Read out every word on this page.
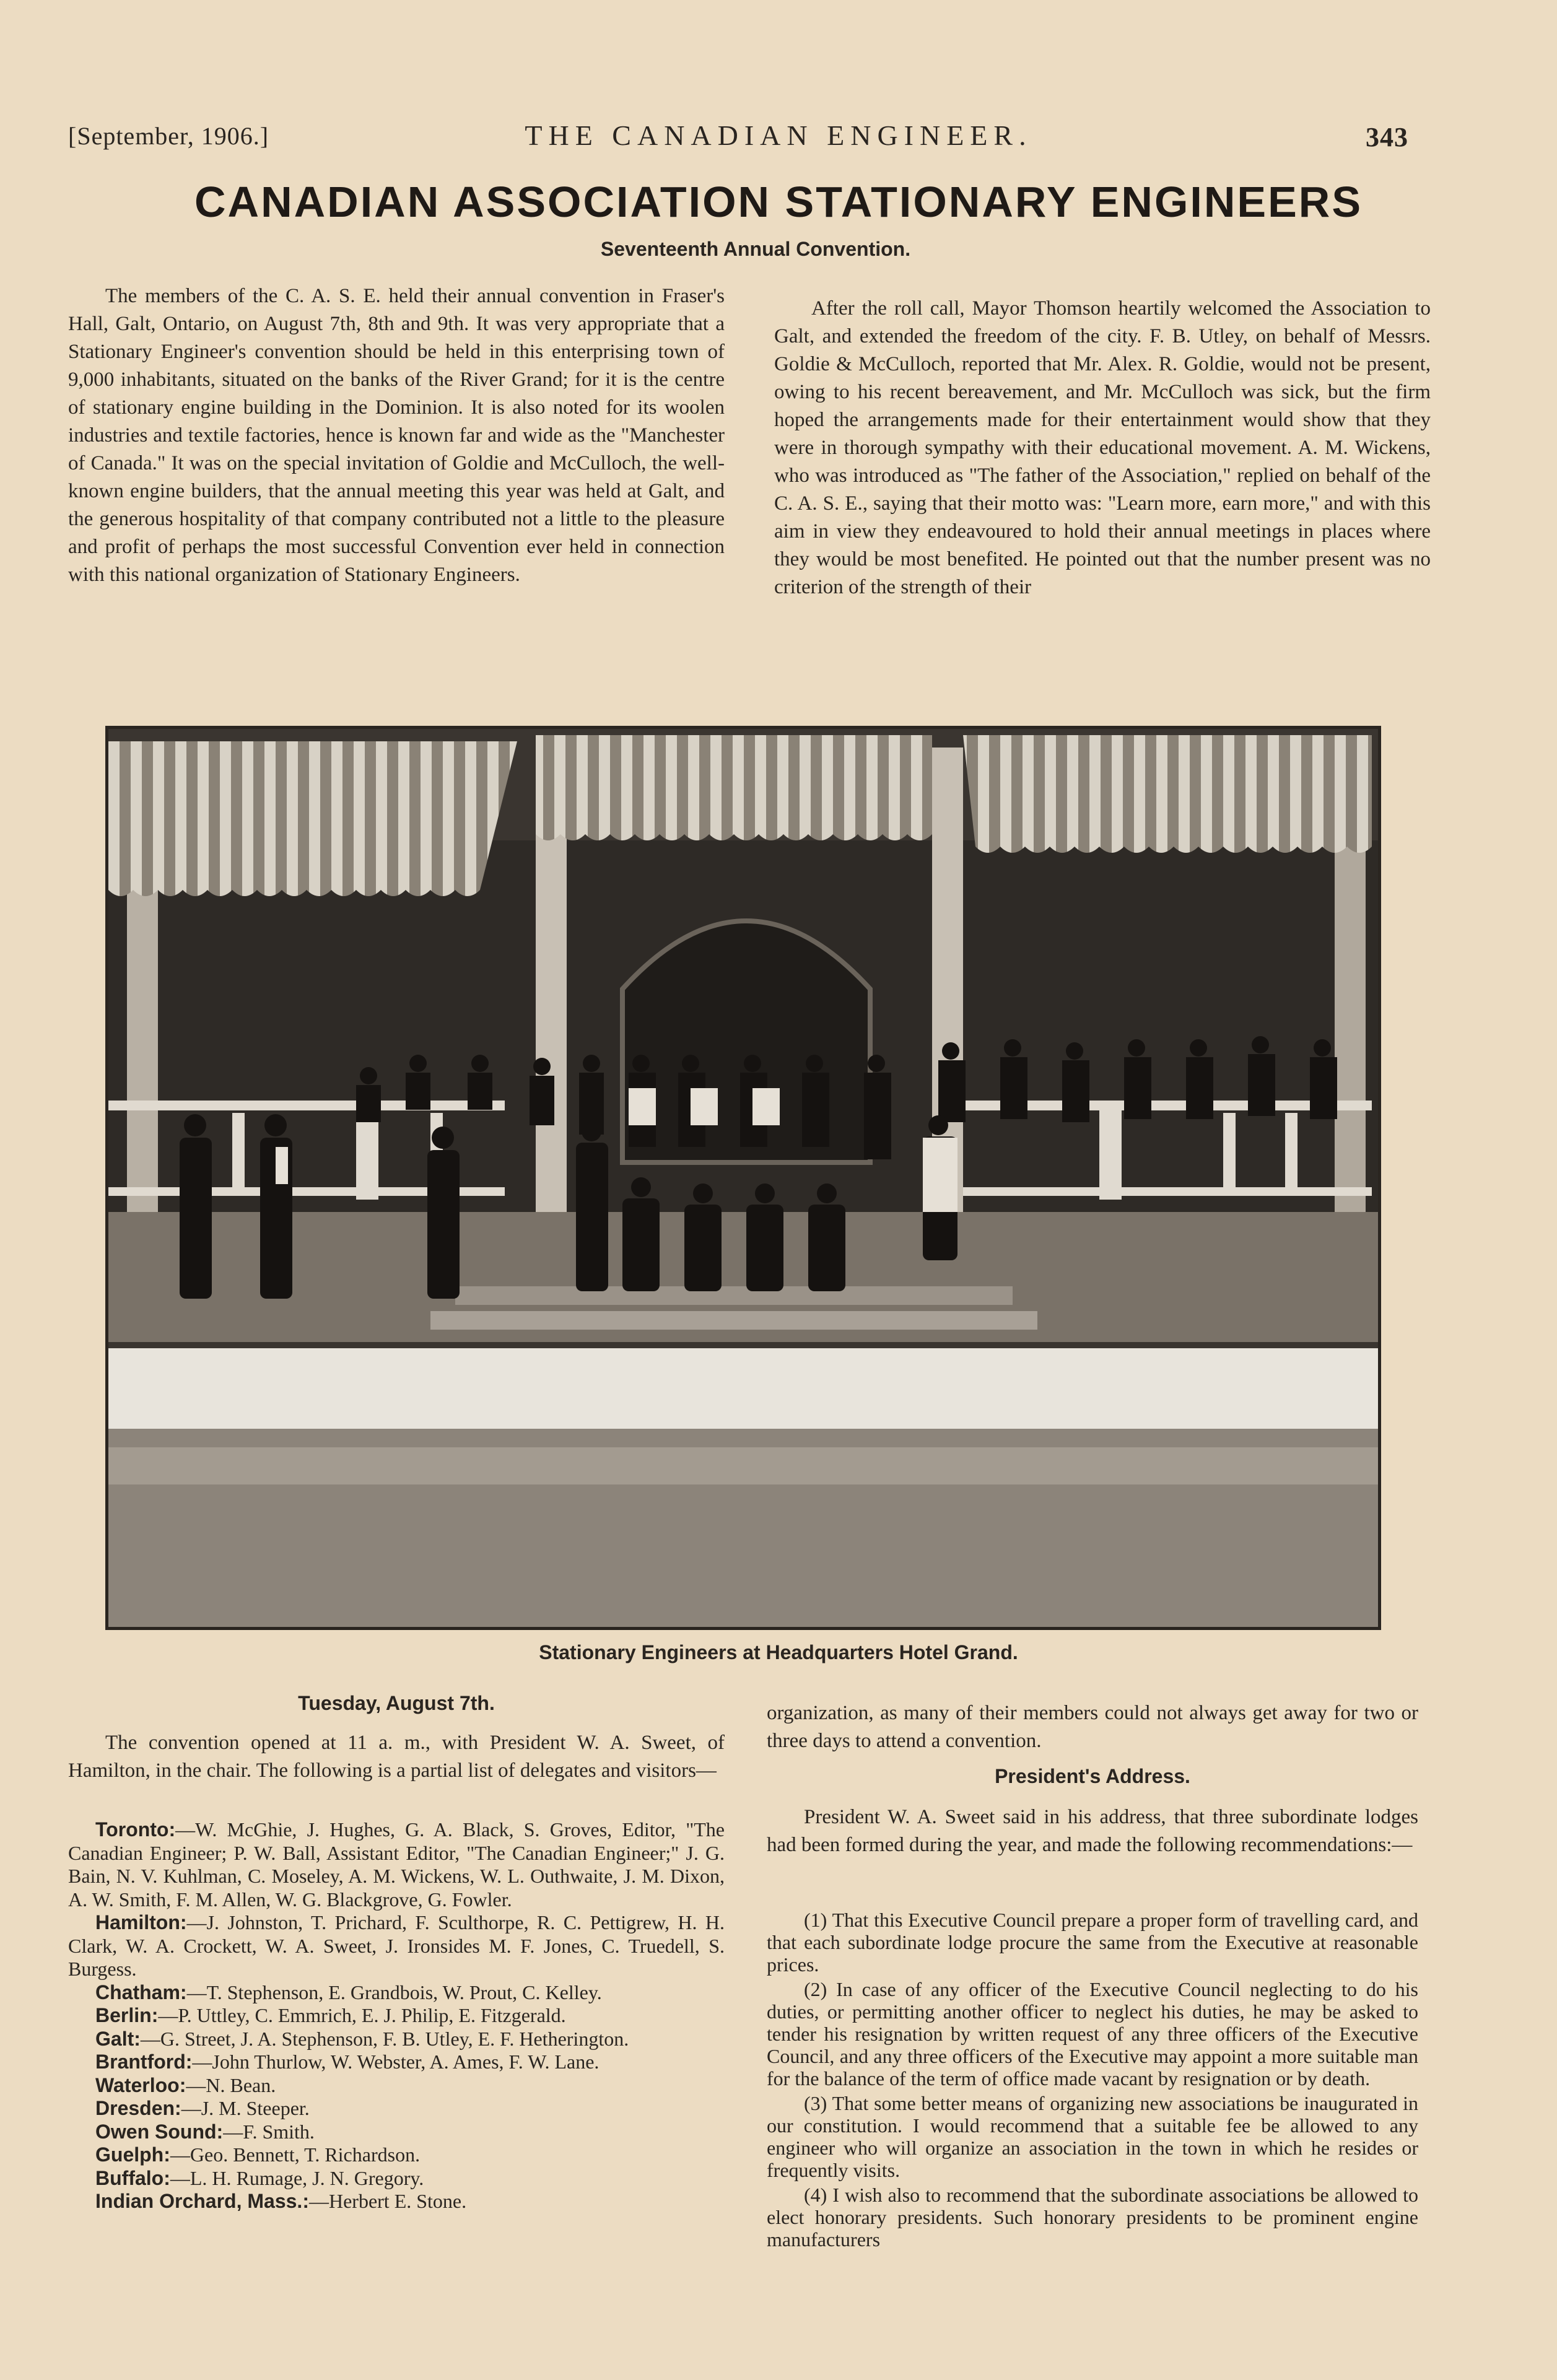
[September, 1906.]	THE CANADIAN ENGINEER.	343
CANADIAN ASSOCIATION STATIONARY ENGINEERS
Seventeenth Annual Convention.

The members of the C. A. S. E. held their annual convention in Fraser's Hall, Galt, Ontario, on August 7th, 8th and 9th. It was very appropriate that a Stationary Engineer's convention should be held in this enterprising town of 9,000 inhabitants, situated on the banks of the River Grand; for it is the centre of stationary engine building in the Dominion. It is also noted for its woolen industries and textile factories, hence is known far and wide as the "Manchester of Canada." It was on the special invitation of Goldie and McCulloch, the well-known engine builders, that the annual meeting this year was held at Galt, and the generous hospitality of that company contributed not a little to the pleasure and profit of perhaps the most successful Convention ever held in connection with this national organization of Stationary Engineers.

After the roll call, Mayor Thomson heartily welcomed the Association to Galt, and extended the freedom of the city. F. B. Utley, on behalf of Messrs. Goldie & McCulloch, reported that Mr. Alex. R. Goldie, would not be present, owing to his recent bereavement, and Mr. McCulloch was sick, but the firm hoped the arrangements made for their entertainment would show that they were in thorough sympathy with their educational movement. A. M. Wickens, who was introduced as "The father of the Association," replied on behalf of the C. A. S. E., saying that their motto was: "Learn more, earn more," and with this aim in view they endeavoured to hold their annual meetings in places where they would be most benefited. He pointed out that the number present was no criterion of the strength of their

Stationary Engineers at Headquarters Hotel Grand.
Tuesday, August 7th.

The convention opened at 11 a. m., with President W. A. Sweet, of Hamilton, in the chair. The following is a partial list of delegates and visitors—

Toronto:—W. McGhie, J. Hughes, G. A. Black, S. Groves, Editor, "The Canadian Engineer; P. W. Ball, Assistant Editor, "The Canadian Engineer;" J. G. Bain, N. V. Kuhlman, C. Moseley, A. M. Wickens, W. L. Outhwaite, J. M. Dixon, A. W. Smith, F. M. Allen, W. G. Blackgrove, G. Fowler.

Hamilton:—J. Johnston, T. Prichard, F. Sculthorpe, R. C. Pettigrew, H. H. Clark, W. A. Crockett, W. A. Sweet, J. Ironsides M. F. Jones, C. Truedell, S. Burgess.

Chatham:—T. Stephenson, E. Grandbois, W. Prout, C. Kelley.

Berlin:—P. Uttley, C. Emmrich, E. J. Philip, E. Fitzgerald.

Galt:—G. Street, J. A. Stephenson, F. B. Utley, E. F. Hetherington.

Brantford:—John Thurlow, W. Webster, A. Ames, F. W. Lane.

Waterloo:—N. Bean.

Dresden:—J. M. Steeper.

Owen Sound:—F. Smith.

Guelph:—Geo. Bennett, T. Richardson.

Buffalo:—L. H. Rumage, J. N. Gregory.

Indian Orchard, Mass.:—Herbert E. Stone.

organization, as many of their members could not always get away for two or three days to attend a convention.

President's Address.

President W. A. Sweet said in his address, that three subordinate lodges had been formed during the year, and made the following recommendations:—

(1) That this Executive Council prepare a proper form of travelling card, and that each subordinate lodge procure the same from the Executive at reasonable prices.

(2) In case of any officer of the Executive Council neglecting to do his duties, or permitting another officer to neglect his duties, he may be asked to tender his resignation by written request of any three officers of the Executive Council, and any three officers of the Executive may appoint a more suitable man for the balance of the term of office made vacant by resignation or by death.

(3) That some better means of organizing new associations be inaugurated in our constitution. I would recommend that a suitable fee be allowed to any engineer who will organize an association in the town in which he resides or frequently visits.

(4) I wish also to recommend that the subordinate associations be allowed to elect honorary presidents. Such honorary presidents to be prominent engine manufacturers
